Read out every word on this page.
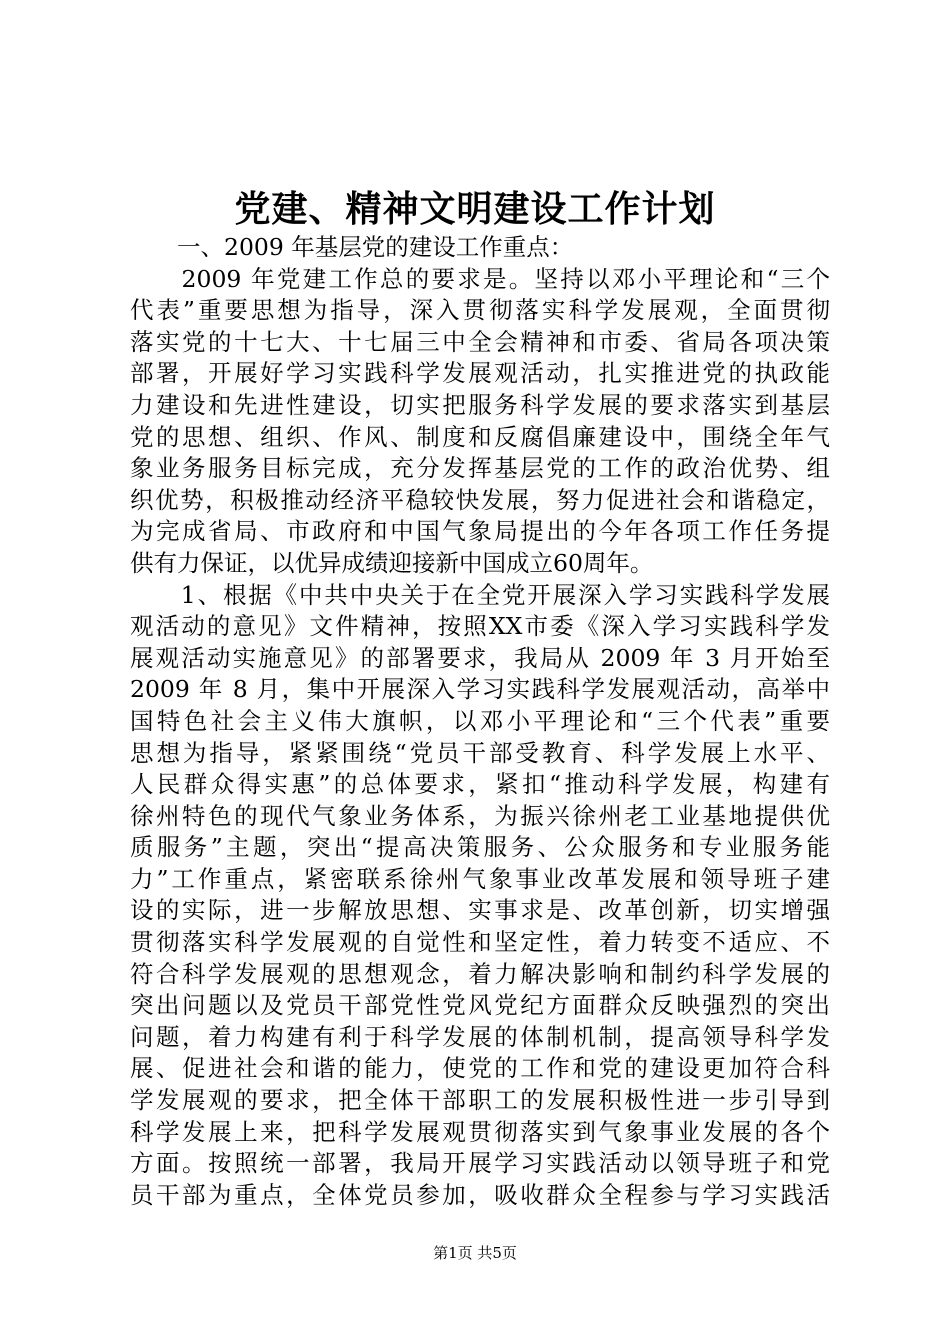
党建、精神文明建设工作计划
　　一、2009 年基层党的建设工作重点：
　　2009 年党建工作总的要求是。坚持以邓小平理论和“三个
代表”重要思想为指导，深入贯彻落实科学发展观，全面贯彻
落实党的十七大、十七届三中全会精神和市委、省局各项决策
部署，开展好学习实践科学发展观活动，扎实推进党的执政能
力建设和先进性建设，切实把服务科学发展的要求落实到基层
党的思想、组织、作风、制度和反腐倡廉建设中，围绕全年气
象业务服务目标完成，充分发挥基层党的工作的政治优势、组
织优势，积极推动经济平稳较快发展，努力促进社会和谐稳定，
为完成省局、市政府和中国气象局提出的今年各项工作任务提
供有力保证，以优异成绩迎接新中国成立60周年。
　　1、根据《中共中央关于在全党开展深入学习实践科学发展
观活动的意见》文件精神，按照XX市委《深入学习实践科学发
展观活动实施意见》的部署要求，我局从 2009 年 3 月开始至
2009 年 8 月，集中开展深入学习实践科学发展观活动，高举中
国特色社会主义伟大旗帜，以邓小平理论和“三个代表”重要
思想为指导，紧紧围绕“党员干部受教育、科学发展上水平、
人民群众得实惠”的总体要求，紧扣“推动科学发展，构建有
徐州特色的现代气象业务体系，为振兴徐州老工业基地提供优
质服务”主题，突出“提高决策服务、公众服务和专业服务能
力”工作重点，紧密联系徐州气象事业改革发展和领导班子建
设的实际，进一步解放思想、实事求是、改革创新，切实增强
贯彻落实科学发展观的自觉性和坚定性，着力转变不适应、不
符合科学发展观的思想观念，着力解决影响和制约科学发展的
突出问题以及党员干部党性党风党纪方面群众反映强烈的突出
问题，着力构建有利于科学发展的体制机制，提高领导科学发
展、促进社会和谐的能力，使党的工作和党的建设更加符合科
学发展观的要求，把全体干部职工的发展积极性进一步引导到
科学发展上来，把科学发展观贯彻落实到气象事业发展的各个
方面。按照统一部署，我局开展学习实践活动以领导班子和党
员干部为重点，全体党员参加，吸收群众全程参与学习实践活
第1页 共5页
